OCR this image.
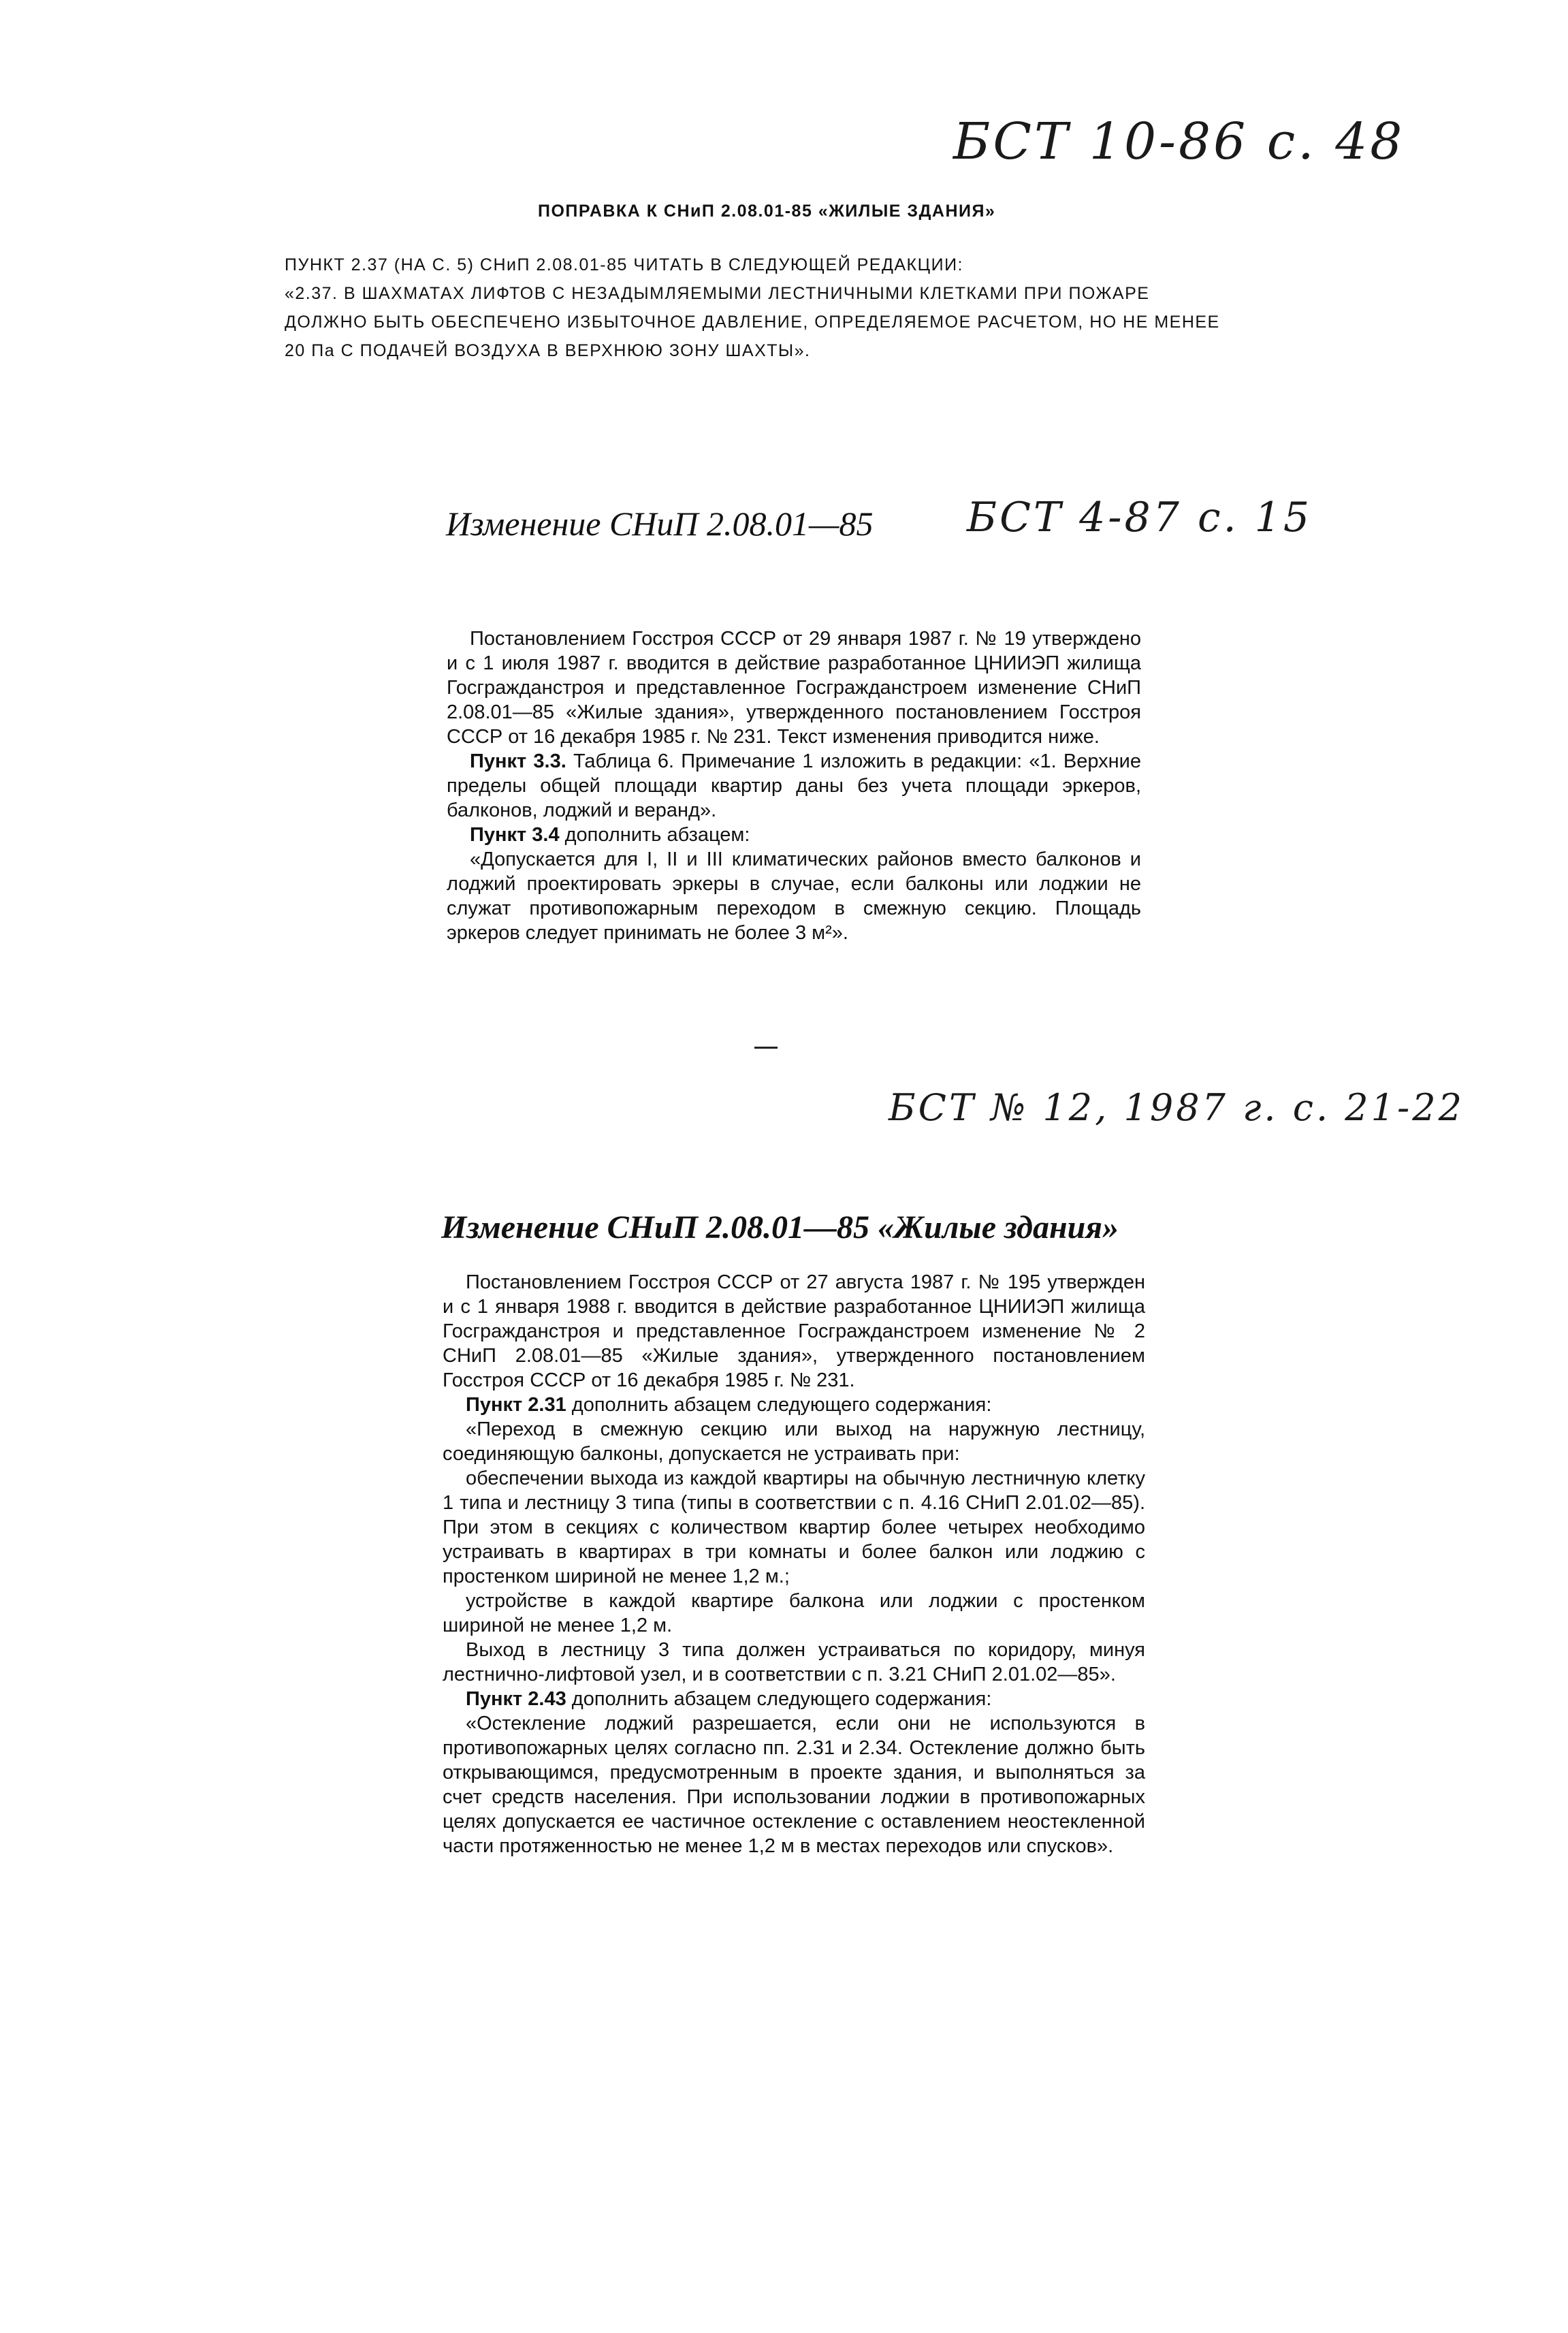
БСТ 10-86 с. 48
БСТ 4-87 с. 15
БСТ № 12, 1987 г. с. 21-22
ПОПРАВКА К СНиП 2.08.01-85 «ЖИЛЫЕ ЗДАНИЯ»

ПУНКТ 2.37 (НА С. 5) СНиП 2.08.01-85 ЧИТАТЬ В СЛЕДУЮЩЕЙ РЕДАКЦИИ:

«2.37. В ШАХМАТАХ ЛИФТОВ С НЕЗАДЫМЛЯЕМЫМИ ЛЕСТНИЧНЫМИ КЛЕТКАМИ ПРИ ПОЖАРЕ

ДОЛЖНО БЫТЬ ОБЕСПЕЧЕНО ИЗБЫТОЧНОЕ ДАВЛЕНИЕ, ОПРЕДЕЛЯЕМОЕ РАСЧЕТОМ, НО НЕ МЕНЕЕ

20 Па С ПОДАЧЕЙ ВОЗДУХА В ВЕРХНЮЮ ЗОНУ ШАХТЫ».

Изменение СНиП 2.08.01—85

Постановлением Госстроя СССР от 29 января 1987 г. № 19 утверждено и с 1 июля 1987 г. вводится в действие разработанное ЦНИИЭП жилища Госгражданстроя и представленное Госгражданстроем изменение СНиП 2.08.01—85 «Жилые здания», утвержденного постановлением Госстроя СССР от 16 декабря 1985 г. № 231. Текст изменения приводится ниже.

Пункт 3.3. Таблица 6. Примечание 1 изложить в редакции: «1. Верхние пределы общей площади квартир даны без учета площади эркеров, балконов, лоджий и веранд».

Пункт 3.4 дополнить абзацем:

«Допускается для I, II и III климатических районов вместо балконов и лоджий проектировать эркеры в случае, если балконы или лоджии не служат противопожарным переходом в смежную секцию. Площадь эркеров следует принимать не более 3 м²».

Изменение СНиП 2.08.01—85 «Жилые здания»

Постановлением Госстроя СССР от 27 августа 1987 г. № 195 утвержден и с 1 января 1988 г. вводится в действие разработанное ЦНИИЭП жилища Госгражданстроя и представленное Госгражданстроем изменение № 2 СНиП 2.08.01—85 «Жилые здания», утвержденного постановлением Госстроя СССР от 16 декабря 1985 г. № 231.

Пункт 2.31 дополнить абзацем следующего содержания:

«Переход в смежную секцию или выход на наружную лестницу, соединяющую балконы, допускается не устраивать при:

обеспечении выхода из каждой квартиры на обычную лестничную клетку 1 типа и лестницу 3 типа (типы в соответствии с п. 4.16 СНиП 2.01.02—85). При этом в секциях с количеством квартир более четырех необходимо устраивать в квартирах в три комнаты и более балкон или лоджию с простенком шириной не менее 1,2 м.;

устройстве в каждой квартире балкона или лоджии с простенком шириной не менее 1,2 м.

Выход в лестницу 3 типа должен устраиваться по коридору, минуя лестнично-лифтовой узел, и в соответствии с п. 3.21 СНиП 2.01.02—85».

Пункт 2.43 дополнить абзацем следующего содержания:

«Остекление лоджий разрешается, если они не используются в противопожарных целях согласно пп. 2.31 и 2.34. Остекление должно быть открывающимся, предусмотренным в проекте здания, и выполняться за счет средств населения. При использовании лоджии в противопожарных целях допускается ее частичное остекление с оставлением неостекленной части протяженностью не менее 1,2 м в местах переходов или спусков».
